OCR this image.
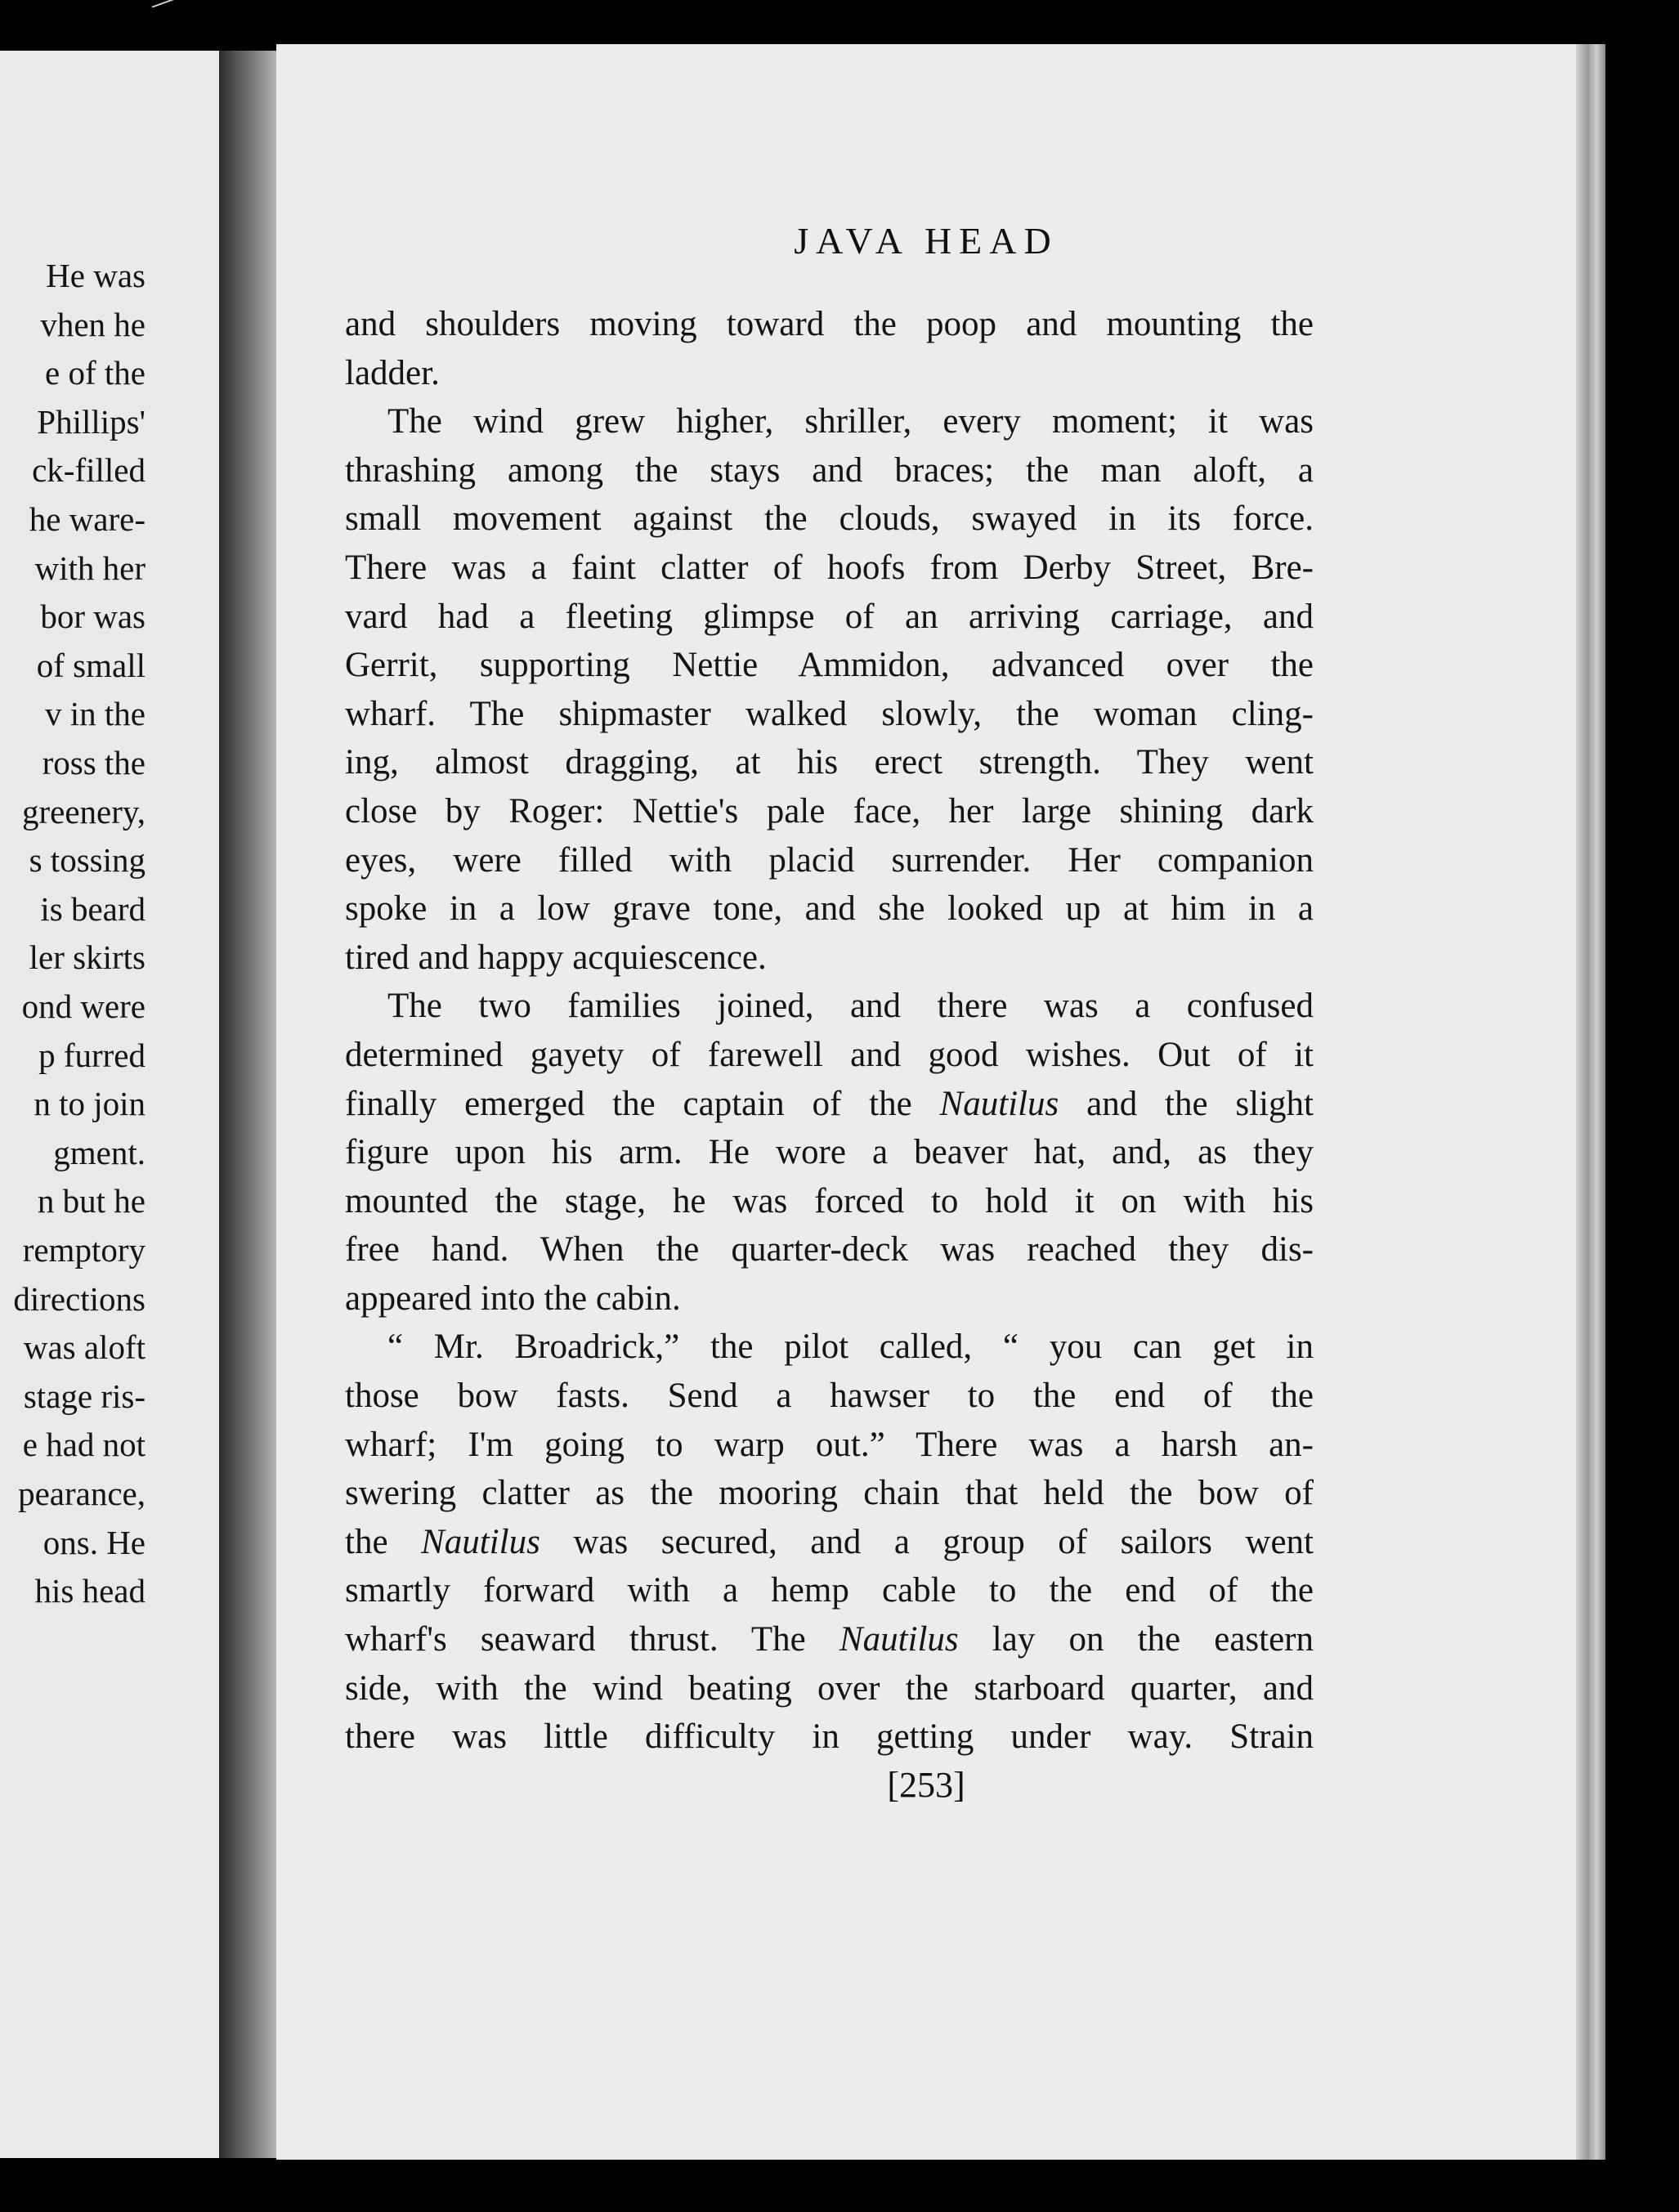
He was
vhen he
e of the
Phillips'
ck-filled
he ware-
with her
bor was
of small
v in the
ross the
greenery,
s tossing
is beard
ler skirts
ond were
p furred
n to join
gment.
n but he
remptory
directions
was aloft
stage ris-
e had not
pearance,
ons. He
his head
JAVA HEAD
and shoulders moving toward the poop and mounting the
ladder.
The wind grew higher, shriller, every moment; it was
thrashing among the stays and braces; the man aloft, a
small movement against the clouds, swayed in its force.
There was a faint clatter of hoofs from Derby Street, Bre-
vard had a fleeting glimpse of an arriving carriage, and
Gerrit, supporting Nettie Ammidon, advanced over the
wharf. The shipmaster walked slowly, the woman cling-
ing, almost dragging, at his erect strength. They went
close by Roger: Nettie's pale face, her large shining dark
eyes, were filled with placid surrender. Her companion
spoke in a low grave tone, and she looked up at him in a
tired and happy acquiescence.
The two families joined, and there was a confused
determined gayety of farewell and good wishes. Out of it
finally emerged the captain of the Nautilus and the slight
figure upon his arm. He wore a beaver hat, and, as they
mounted the stage, he was forced to hold it on with his
free hand. When the quarter-deck was reached they dis-
appeared into the cabin.
“ Mr. Broadrick,” the pilot called, “ you can get in
those bow fasts. Send a hawser to the end of the
wharf; I'm going to warp out.” There was a harsh an-
swering clatter as the mooring chain that held the bow of
the Nautilus was secured, and a group of sailors went
smartly forward with a hemp cable to the end of the
wharf's seaward thrust. The Nautilus lay on the eastern
side, with the wind beating over the starboard quarter, and
there was little difficulty in getting under way. Strain
[253]
